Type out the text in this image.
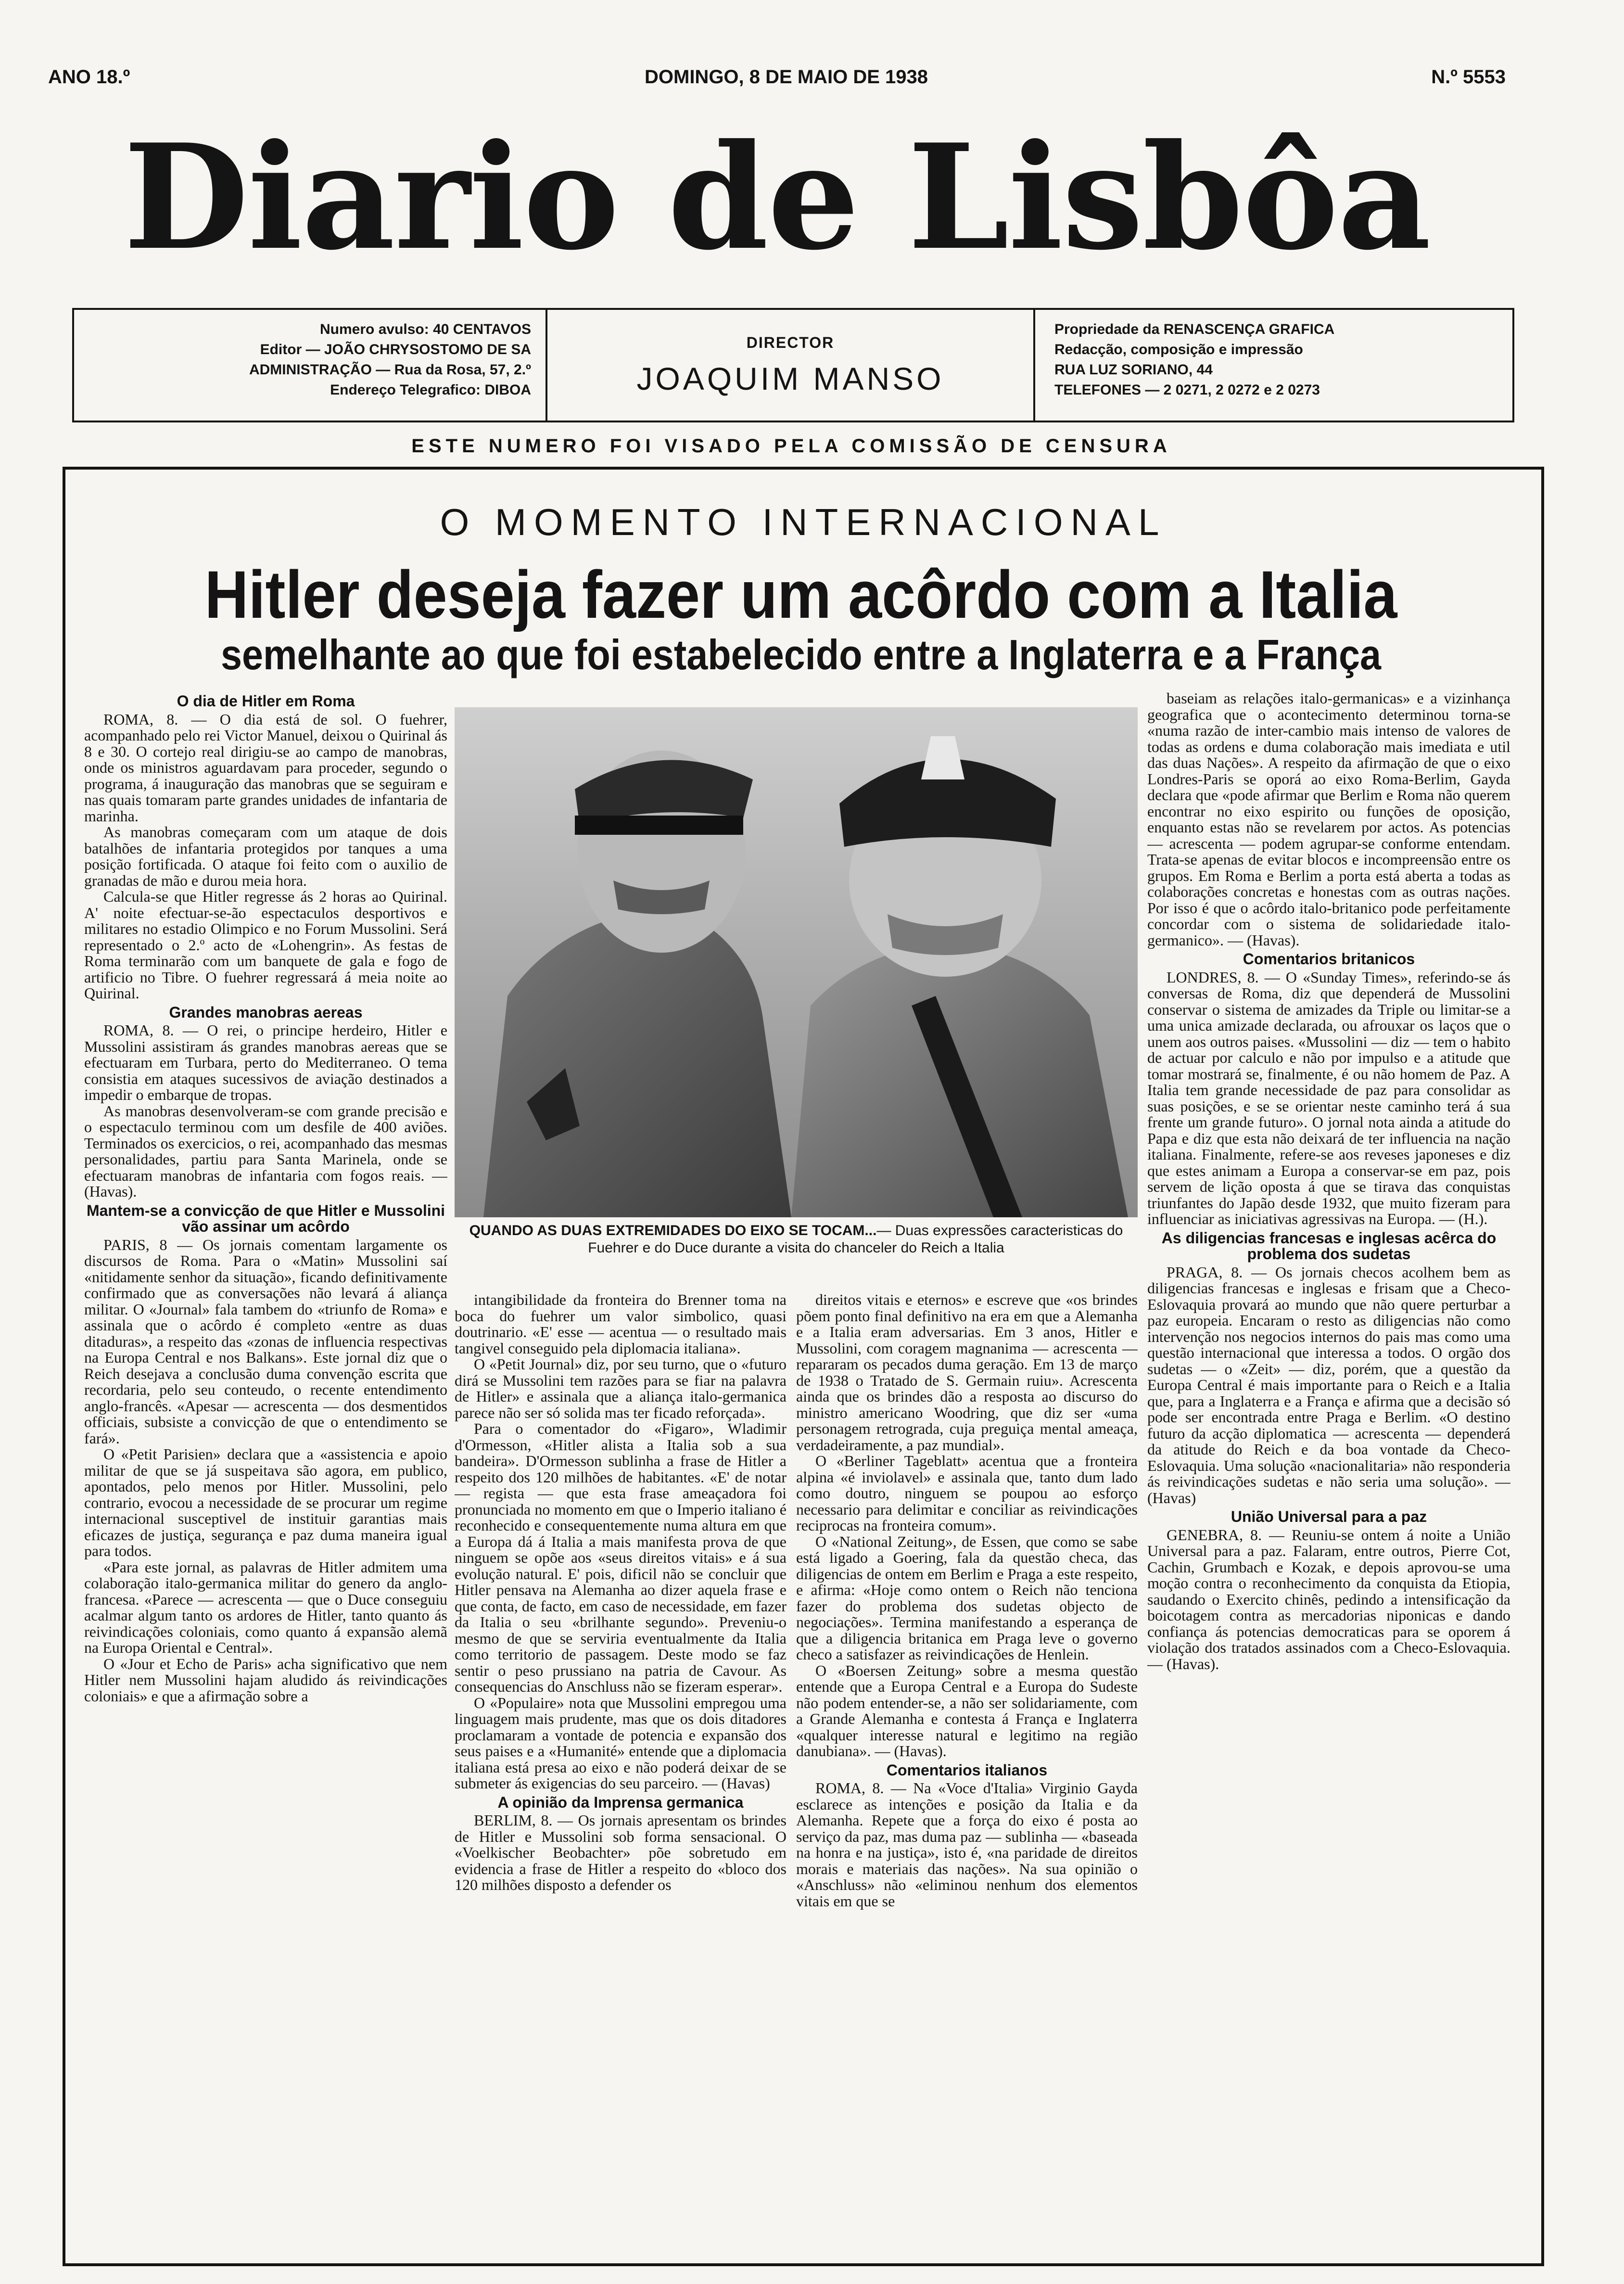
ANO 18.º	DOMINGO, 8 DE MAIO DE 1938	N.º 5553
Diario de Lisbôa
Numero avulso: 40 CENTAVOS
Editor — JOÃO CHRYSOSTOMO DE SA
ADMINISTRAÇÃO — Rua da Rosa, 57, 2.º
Endereço Telegrafico: DIBOA
DIRECTOR
JOAQUIM MANSO
Propriedade da RENASCENÇA GRAFICA
Redacção, composição e impressão
RUA LUZ SORIANO, 44
TELEFONES — 2 0271, 2 0272 e 2 0273
ESTE NUMERO FOI VISADO PELA COMISSÃO DE CENSURA
O MOMENTO INTERNACIONAL
Hitler deseja fazer um acôrdo com a Italia
semelhante ao que foi estabelecido entre a Inglaterra e a França
O dia de Hitler em Roma

ROMA, 8. — O dia está de sol. O fuehrer, acompanhado pelo rei Victor Manuel, deixou o Quirinal ás 8 e 30. O cortejo real dirigiu-se ao campo de manobras, onde os ministros aguardavam para proceder, segundo o programa, á inauguração das manobras que se seguiram e nas quais tomaram parte grandes unidades de infantaria de marinha.

As manobras começaram com um ataque de dois batalhões de infantaria protegidos por tanques a uma posição fortificada. O ataque foi feito com o auxilio de granadas de mão e durou meia hora.

Calcula-se que Hitler regresse ás 2 horas ao Quirinal. A' noite efectuar-se-ão espectaculos desportivos e militares no estadio Olimpico e no Forum Mussolini. Será representado o 2.º acto de «Lohengrin». As festas de Roma terminarão com um banquete de gala e fogo de artificio no Tibre. O fuehrer regressará á meia noite ao Quirinal.

Grandes manobras aereas

ROMA, 8. — O rei, o principe herdeiro, Hitler e Mussolini assistiram ás grandes manobras aereas que se efectuaram em Turbara, perto do Mediterraneo. O tema consistia em ataques sucessivos de aviação destinados a impedir o embarque de tropas.

As manobras desenvolveram-se com grande precisão e o espectaculo terminou com um desfile de 400 aviões. Terminados os exercicios, o rei, acompanhado das mesmas personalidades, partiu para Santa Marinela, onde se efectuaram manobras de infantaria com fogos reais. — (Havas).

Mantem-se a convicção de que Hitler e Mussolini vão assinar um acôrdo

PARIS, 8 — Os jornais comentam largamente os discursos de Roma. Para o «Matin» Mussolini saí «nitidamente senhor da situação», ficando definitivamente confirmado que as conversações não levará á aliança militar. O «Journal» fala tambem do «triunfo de Roma» e assinala que o acôrdo é completo «entre as duas ditaduras», a respeito das «zonas de influencia respectivas na Europa Central e nos Balkans». Este jornal diz que o Reich desejava a conclusão duma convenção escrita que recordaria, pelo seu conteudo, o recente entendimento anglo-francês. «Apesar — acrescenta — dos desmentidos officiais, subsiste a convicção de que o entendimento se fará».

O «Petit Parisien» declara que a «assistencia e apoio militar de que se já suspeitava são agora, em publico, apontados, pelo menos por Hitler. Mussolini, pelo contrario, evocou a necessidade de se procurar um regime internacional susceptivel de instituir garantias mais eficazes de justiça, segurança e paz duma maneira igual para todos.

«Para este jornal, as palavras de Hitler admitem uma colaboração italo-germanica militar do genero da anglo-francesa. «Parece — acrescenta — que o Duce conseguiu acalmar algum tanto os ardores de Hitler, tanto quanto ás reivindicações coloniais, como quanto á expansão alemã na Europa Oriental e Central».

O «Jour et Echo de Paris» acha significativo que nem Hitler nem Mussolini hajam aludido ás reivindicações coloniais» e que a afirmação sobre a

QUANDO AS DUAS EXTREMIDADES DO EIXO SE TOCAM...— Duas expressões caracteristicas do Fuehrer e do Duce durante a visita do chanceler do Reich a Italia

intangibilidade da fronteira do Brenner toma na boca do fuehrer um valor simbolico, quasi doutrinario. «E' esse — acentua — o resultado mais tangivel conseguido pela diplomacia italiana».

O «Petit Journal» diz, por seu turno, que o «futuro dirá se Mussolini tem razões para se fiar na palavra de Hitler» e assinala que a aliança italo-germanica parece não ser só solida mas ter ficado reforçada».

Para o comentador do «Figaro», Wladimir d'Ormesson, «Hitler alista a Italia sob a sua bandeira». D'Ormesson sublinha a frase de Hitler a respeito dos 120 milhões de habitantes. «E' de notar — regista — que esta frase ameaçadora foi pronunciada no momento em que o Imperio italiano é reconhecido e consequentemente numa altura em que a Europa dá á Italia a mais manifesta prova de que ninguem se opõe aos «seus direitos vitais» e á sua evolução natural. E' pois, dificil não se concluir que Hitler pensava na Alemanha ao dizer aquela frase e que conta, de facto, em caso de necessidade, em fazer da Italia o seu «brilhante segundo». Preveniu-o mesmo de que se serviria eventualmente da Italia como territorio de passagem. Deste modo se faz sentir o peso prussiano na patria de Cavour. As consequencias do Anschluss não se fizeram esperar».

O «Populaire» nota que Mussolini empregou uma linguagem mais prudente, mas que os dois ditadores proclamaram a vontade de potencia e expansão dos seus paises e a «Humanité» entende que a diplomacia italiana está presa ao eixo e não poderá deixar de se submeter ás exigencias do seu parceiro. — (Havas)

A opinião da Imprensa germanica

BERLIM, 8. — Os jornais apresentam os brindes de Hitler e Mussolini sob forma sensacional. O «Voelkischer Beobachter» põe sobretudo em evidencia a frase de Hitler a respeito do «bloco dos 120 milhões disposto a defender os

direitos vitais e eternos» e escreve que «os brindes põem ponto final definitivo na era em que a Alemanha e a Italia eram adversarias. Em 3 anos, Hitler e Mussolini, com coragem magnanima — acrescenta — repararam os pecados duma geração. Em 13 de março de 1938 o Tratado de S. Germain ruiu». Acrescenta ainda que os brindes dão a resposta ao discurso do ministro americano Woodring, que diz ser «uma personagem retrograda, cuja preguiça mental ameaça, verdadeiramente, a paz mundial».

O «Berliner Tageblatt» acentua que a fronteira alpina «é inviolavel» e assinala que, tanto dum lado como doutro, ninguem se poupou ao esforço necessario para delimitar e conciliar as reivindicações reciprocas na fronteira comum».

O «National Zeitung», de Essen, que como se sabe está ligado a Goering, fala da questão checa, das diligencias de ontem em Berlim e Praga a este respeito, e afirma: «Hoje como ontem o Reich não tenciona fazer do problema dos sudetas objecto de negociações». Termina manifestando a esperança de que a diligencia britanica em Praga leve o governo checo a satisfazer as reivindicações de Henlein.

O «Boersen Zeitung» sobre a mesma questão entende que a Europa Central e a Europa do Sudeste não podem entender-se, a não ser solidariamente, com a Grande Alemanha e contesta á França e Inglaterra «qualquer interesse natural e legitimo na região danubiana». — (Havas).

Comentarios italianos

ROMA, 8. — Na «Voce d'Italia» Virginio Gayda esclarece as intenções e posição da Italia e da Alemanha. Repete que a força do eixo é posta ao serviço da paz, mas duma paz — sublinha — «baseada na honra e na justiça», isto é, «na paridade de direitos morais e materiais das nações». Na sua opinião o «Anschluss» não «eliminou nenhum dos elementos vitais em que se

baseiam as relações italo-germanicas» e a vizinhança geografica que o acontecimento determinou torna-se «numa razão de inter-cambio mais intenso de valores de todas as ordens e duma colaboração mais imediata e util das duas Nações». A respeito da afirmação de que o eixo Londres-Paris se oporá ao eixo Roma-Berlim, Gayda declara que «pode afirmar que Berlim e Roma não querem encontrar no eixo espirito ou funções de oposição, enquanto estas não se revelarem por actos. As potencias — acrescenta — podem agrupar-se conforme entendam. Trata-se apenas de evitar blocos e incompreensão entre os grupos. Em Roma e Berlim a porta está aberta a todas as colaborações concretas e honestas com as outras nações. Por isso é que o acôrdo italo-britanico pode perfeitamente concordar com o sistema de solidariedade italo-germanico». — (Havas).

Comentarios britanicos

LONDRES, 8. — O «Sunday Times», referindo-se ás conversas de Roma, diz que dependerá de Mussolini conservar o sistema de amizades da Triple ou limitar-se a uma unica amizade declarada, ou afrouxar os laços que o unem aos outros paises. «Mussolini — diz — tem o habito de actuar por calculo e não por impulso e a atitude que tomar mostrará se, finalmente, é ou não homem de Paz. A Italia tem grande necessidade de paz para consolidar as suas posições, e se se orientar neste caminho terá á sua frente um grande futuro». O jornal nota ainda a atitude do Papa e diz que esta não deixará de ter influencia na nação italiana. Finalmente, refere-se aos reveses japoneses e diz que estes animam a Europa a conservar-se em paz, pois servem de lição oposta á que se tirava das conquistas triunfantes do Japão desde 1932, que muito fizeram para influenciar as iniciativas agressivas na Europa. — (H.).

As diligencias francesas e inglesas acêrca do problema dos sudetas

PRAGA, 8. — Os jornais checos acolhem bem as diligencias francesas e inglesas e frisam que a Checo-Eslovaquia provará ao mundo que não quere perturbar a paz europeia. Encaram o resto as diligencias não como intervenção nos negocios internos do pais mas como uma questão internacional que interessa a todos. O orgão dos sudetas — o «Zeit» — diz, porém, que a questão da Europa Central é mais importante para o Reich e a Italia que, para a Inglaterra e a França e afirma que a decisão só pode ser encontrada entre Praga e Berlim. «O destino futuro da acção diplomatica — acrescenta — dependerá da atitude do Reich e da boa vontade da Checo-Eslovaquia. Uma solução «nacionalitaria» não responderia ás reivindicações sudetas e não seria uma solução». — (Havas)

União Universal para a paz

GENEBRA, 8. — Reuniu-se ontem á noite a União Universal para a paz. Falaram, entre outros, Pierre Cot, Cachin, Grumbach e Kozak, e depois aprovou-se uma moção contra o reconhecimento da conquista da Etiopia, saudando o Exercito chinês, pedindo a intensificação da boicotagem contra as mercadorias niponicas e dando confiança ás potencias democraticas para se oporem á violação dos tratados assinados com a Checo-Eslovaquia. — (Havas).
